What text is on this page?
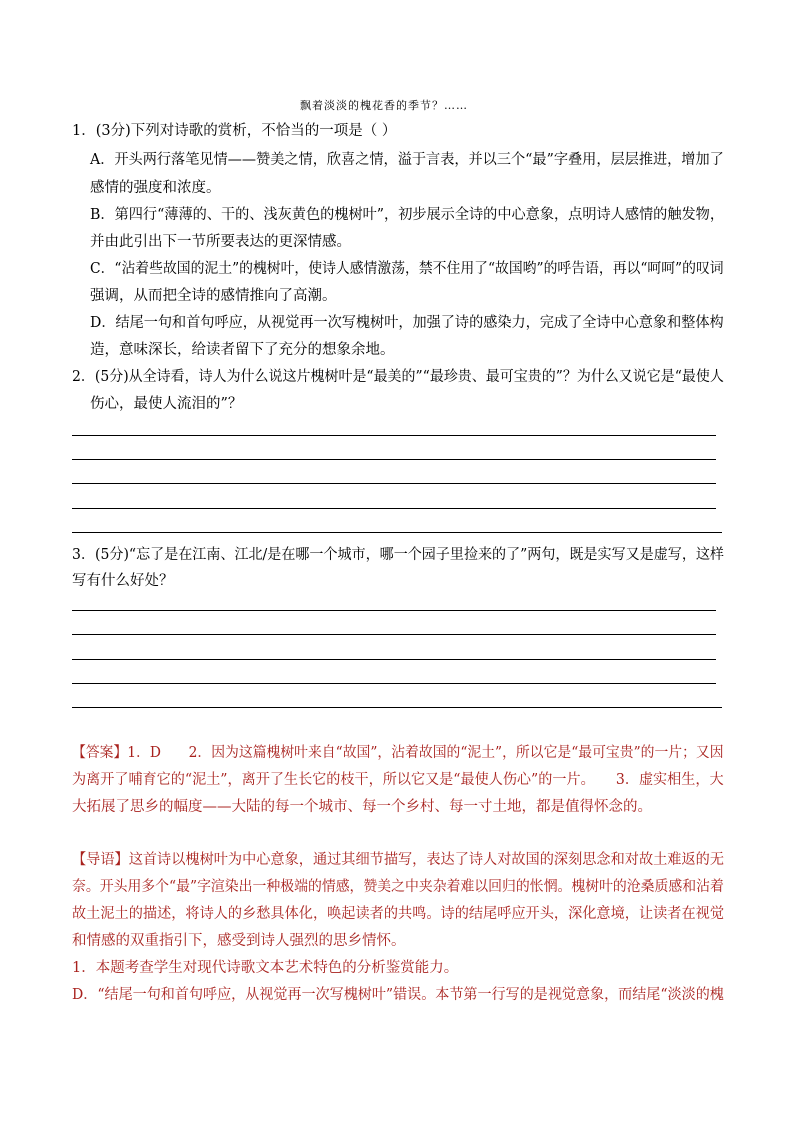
飘着淡淡的槐花香的季节？……
1．(3分)下列对诗歌的赏析，不恰当的一项是（ ）
A．开头两行落笔见情——赞美之情，欣喜之情，溢于言表，并以三个“最”字叠用，层层推进，增加了
感情的强度和浓度。
B．第四行“薄薄的、干的、浅灰黄色的槐树叶”，初步展示全诗的中心意象，点明诗人感情的触发物，
并由此引出下一节所要表达的更深情感。
C．“沾着些故国的泥土”的槐树叶，使诗人感情激荡，禁不住用了“故国哟”的呼告语，再以“呵呵”的叹词
强调，从而把全诗的感情推向了高潮。
D．结尾一句和首句呼应，从视觉再一次写槐树叶，加强了诗的感染力，完成了全诗中心意象和整体构
造，意味深长，给读者留下了充分的想象余地。
2．(5分)从全诗看，诗人为什么说这片槐树叶是“最美的”“最珍贵、最可宝贵的”？为什么又说它是“最使人
伤心，最使人流泪的”？
3．(5分)“忘了是在江南、江北/是在哪一个城市，哪一个园子里捡来的了”两句，既是实写又是虚写，这样
写有什么好处？
【答案】1．D　　2．因为这篇槐树叶来自“故国”，沾着故国的“泥土”，所以它是“最可宝贵”的一片；又因
为离开了哺育它的“泥土”，离开了生长它的枝干，所以它又是“最使人伤心”的一片。　　3．虚实相生，大
大拓展了思乡的幅度——大陆的每一个城市、每一个乡村、每一寸土地，都是值得怀念的。
【导语】这首诗以槐树叶为中心意象，通过其细节描写，表达了诗人对故国的深刻思念和对故土难返的无
奈。开头用多个“最”字渲染出一种极端的情感，赞美之中夹杂着难以回归的怅惘。槐树叶的沧桑质感和沾着
故土泥土的描述，将诗人的乡愁具体化，唤起读者的共鸣。诗的结尾呼应开头，深化意境，让读者在视觉
和情感的双重指引下，感受到诗人强烈的思乡情怀。
1．本题考查学生对现代诗歌文本艺术特色的分析鉴赏能力。
D．“结尾一句和首句呼应，从视觉再一次写槐树叶”错误。本节第一行写的是视觉意象，而结尾“淡淡的槐
